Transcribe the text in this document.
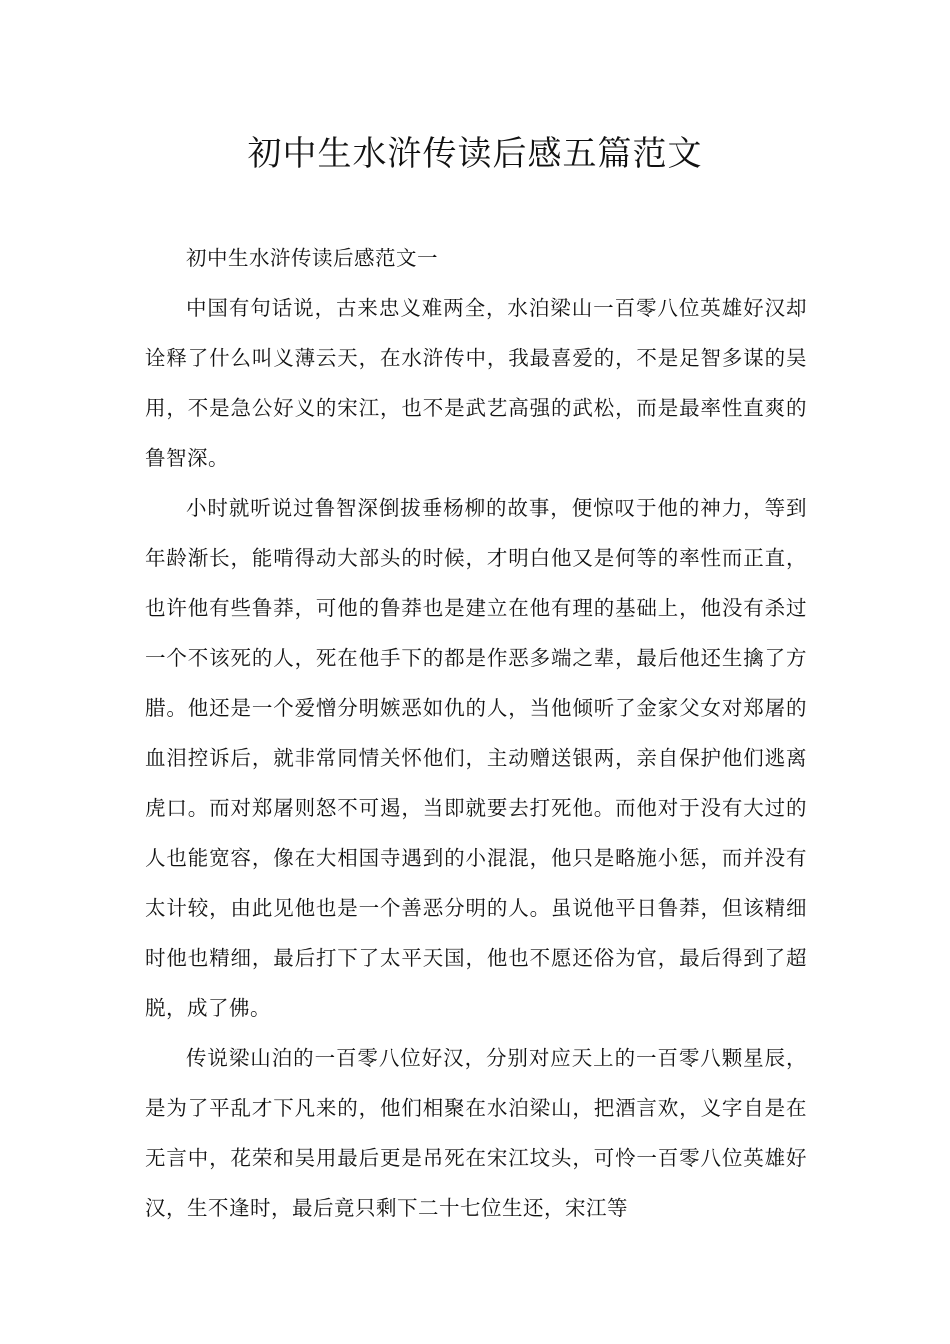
初中生水浒传读后感五篇范文

初中生水浒传读后感范文一

中国有句话说，古来忠义难两全，水泊梁山一百零八位英雄好汉却诠释了什么叫义薄云天，在水浒传中，我最喜爱的，不是足智多谋的吴用，不是急公好义的宋江，也不是武艺高强的武松，而是最率性直爽的鲁智深。

小时就听说过鲁智深倒拔垂杨柳的故事，便惊叹于他的神力，等到年龄渐长，能啃得动大部头的时候，才明白他又是何等的率性而正直，也许他有些鲁莽，可他的鲁莽也是建立在他有理的基础上，他没有杀过一个不该死的人，死在他手下的都是作恶多端之辈，最后他还生擒了方腊。他还是一个爱憎分明嫉恶如仇的人，当他倾听了金家父女对郑屠的血泪控诉后，就非常同情关怀他们，主动赠送银两，亲自保护他们逃离虎口。而对郑屠则怒不可遏，当即就要去打死他。而他对于没有大过的人也能宽容，像在大相国寺遇到的小混混，他只是略施小惩，而并没有太计较，由此见他也是一个善恶分明的人。虽说他平日鲁莽，但该精细时他也精细，最后打下了太平天国，他也不愿还俗为官，最后得到了超脱，成了佛。

传说梁山泊的一百零八位好汉，分别对应天上的一百零八颗星辰，是为了平乱才下凡来的，他们相聚在水泊梁山，把酒言欢，义字自是在无言中，花荣和吴用最后更是吊死在宋江坟头，可怜一百零八位英雄好汉，生不逢时，最后竟只剩下二十七位生还，宋江等
